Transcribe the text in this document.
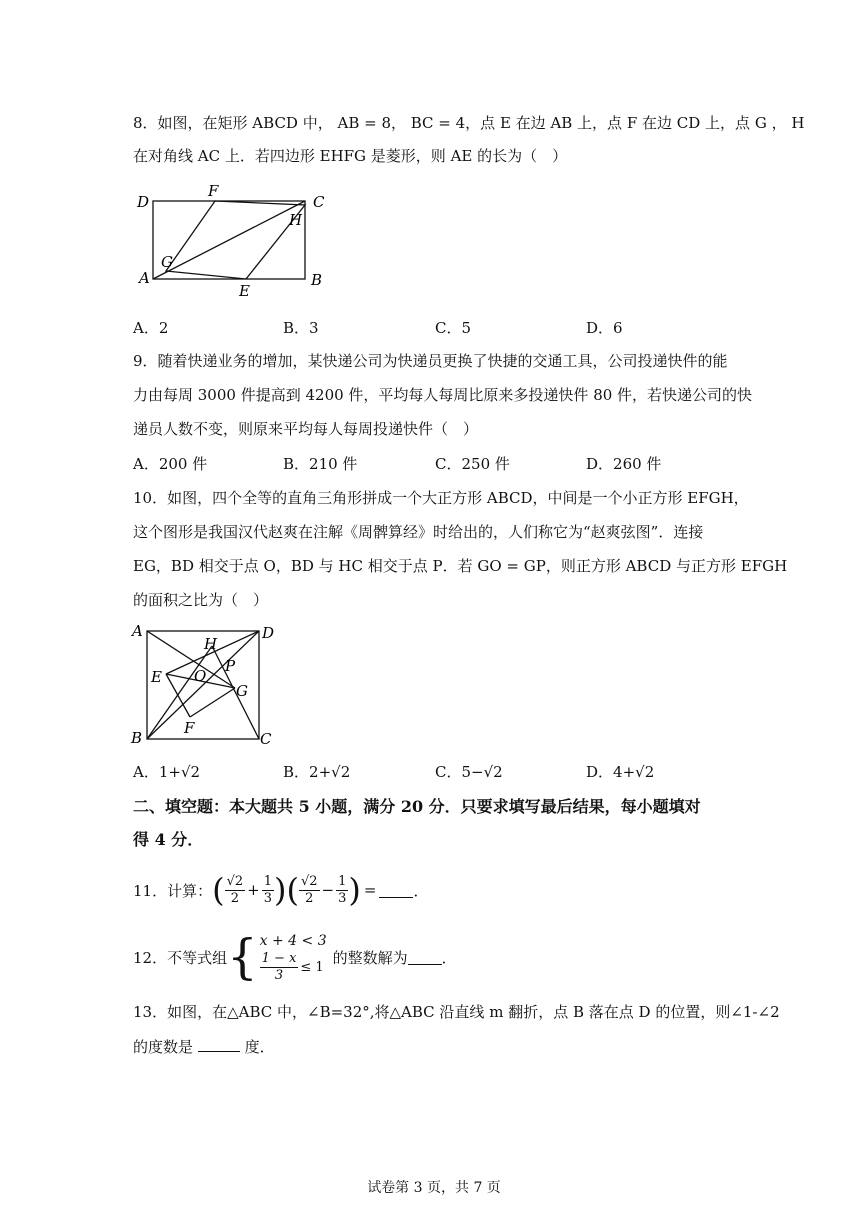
8．如图，在矩形 ABCD 中， AB = 8， BC = 4，点 E 在边 AB 上，点 F 在边 CD 上，点 G ， H
在对角线 AC 上．若四边形 EHFG 是菱形，则 AE 的长为（　）
D
F
C
H
G
A
E
B
A．2	B．3	C．5	D．6
9．随着快递业务的增加，某快递公司为快递员更换了快捷的交通工具，公司投递快件的能
力由每周 3000 件提高到 4200 件，平均每人每周比原来多投递快件 80 件，若快递公司的快
递员人数不变，则原来平均每人每周投递快件（　）
A．200 件	B．210 件	C．250 件	D．260 件
10．如图，四个全等的直角三角形拼成一个大正方形 ABCD，中间是一个小正方形 EFGH，
这个图形是我国汉代赵爽在注解《周髀算经》时给出的，人们称它为“赵爽弦图”．连接
EG，BD 相交于点 O，BD 与 HC 相交于点 P．若 GO = GP，则正方形 ABCD 与正方形 EFGH
的面积之比为（　）
A	D
H
P
E O
G
F
B	C
A．1+√2	B．2+√2	C．5−√2	D．4+√2
二、填空题：本大题共 5 小题，满分 20 分．只要求填写最后结果，每小题填对
得 4 分．
11．计算： ( $\frac{√2}{2} + \frac{1}{3}$ )( $\frac{√2}{2} - \frac{1}{3}$ ) = ．
12．不等式组 { x + 4 < 3
$\frac{1 - x}{3} \le 1$
的整数解为 ．
13．如图，在△ABC 中，∠B=32°,将△ABC 沿直线 m 翻折，点 B 落在点 D 的位置，则∠1-∠2
的度数是	度．
试卷第 3 页，共 7 页
